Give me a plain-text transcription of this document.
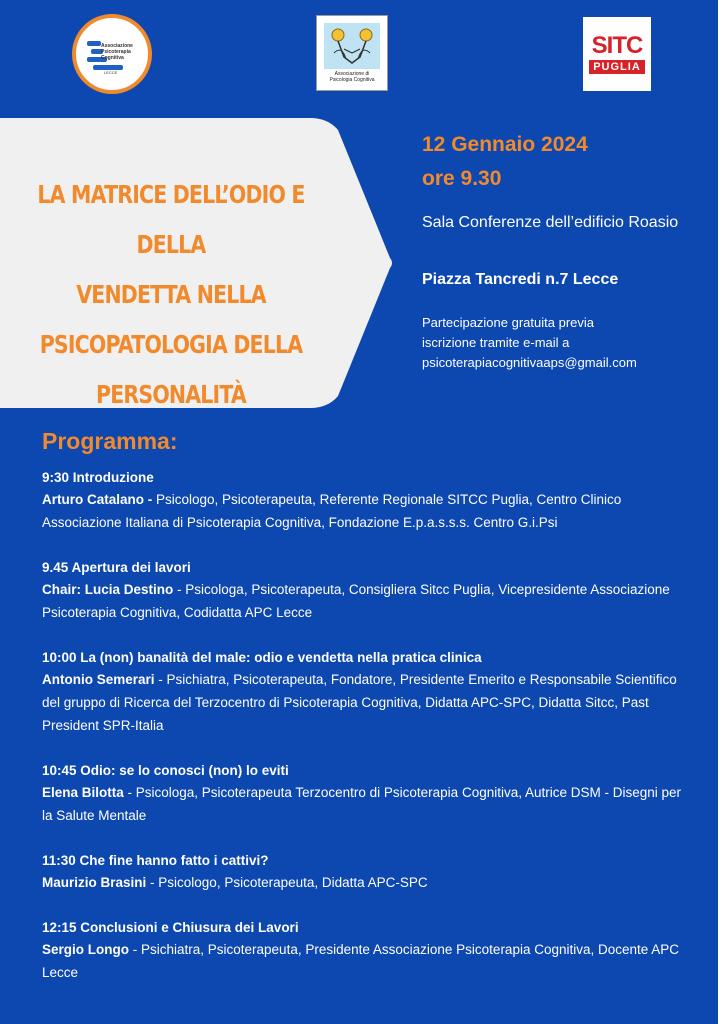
Associazione
Psicoterapia
Cognitiva
LECCE	Associazione di
Psicologia Cognitiva
SITC
PUGLIA
LA MATRICE DELL’ODIO E DELLA
VENDETTA NELLA
PSICOPATOLOGIA DELLA
PERSONALITÀ
12 Gennaio 2024
ore 9.30
Sala Conferenze dell’edificio Roasio
Piazza Tancredi n.7 Lecce
Partecipazione gratuita previa
iscrizione tramite e-mail a
psicoterapiacognitivaaps@gmail.com
Programma:
9:30 Introduzione
Arturo Catalano - Psicologo, Psicoterapeuta, Referente Regionale SITCC Puglia, Centro Clinico Associazione Italiana di Psicoterapia Cognitiva, Fondazione E.p.a.s.s.s. Centro G.i.Psi
9.45 Apertura dei lavori
Chair: Lucia Destino - Psicologa, Psicoterapeuta, Consigliera Sitcc Puglia, Vicepresidente Associazione Psicoterapia Cognitiva, Codidatta APC Lecce
10:00 La (non) banalità del male: odio e vendetta nella pratica clinica
Antonio Semerari - Psichiatra, Psicoterapeuta, Fondatore, Presidente Emerito e Responsabile Scientifico del gruppo di Ricerca del Terzocentro di Psicoterapia Cognitiva, Didatta APC-SPC, Didatta Sitcc, Past President SPR-Italia
10:45 Odio: se lo conosci (non) lo eviti
Elena Bilotta - Psicologa, Psicoterapeuta Terzocentro di Psicoterapia Cognitiva, Autrice DSM - Disegni per la Salute Mentale
11:30 Che fine hanno fatto i cattivi?
Maurizio Brasini - Psicologo, Psicoterapeuta, Didatta APC-SPC
12:15 Conclusioni e Chiusura dei Lavori
Sergio Longo - Psichiatra, Psicoterapeuta, Presidente Associazione Psicoterapia Cognitiva, Docente APC Lecce
